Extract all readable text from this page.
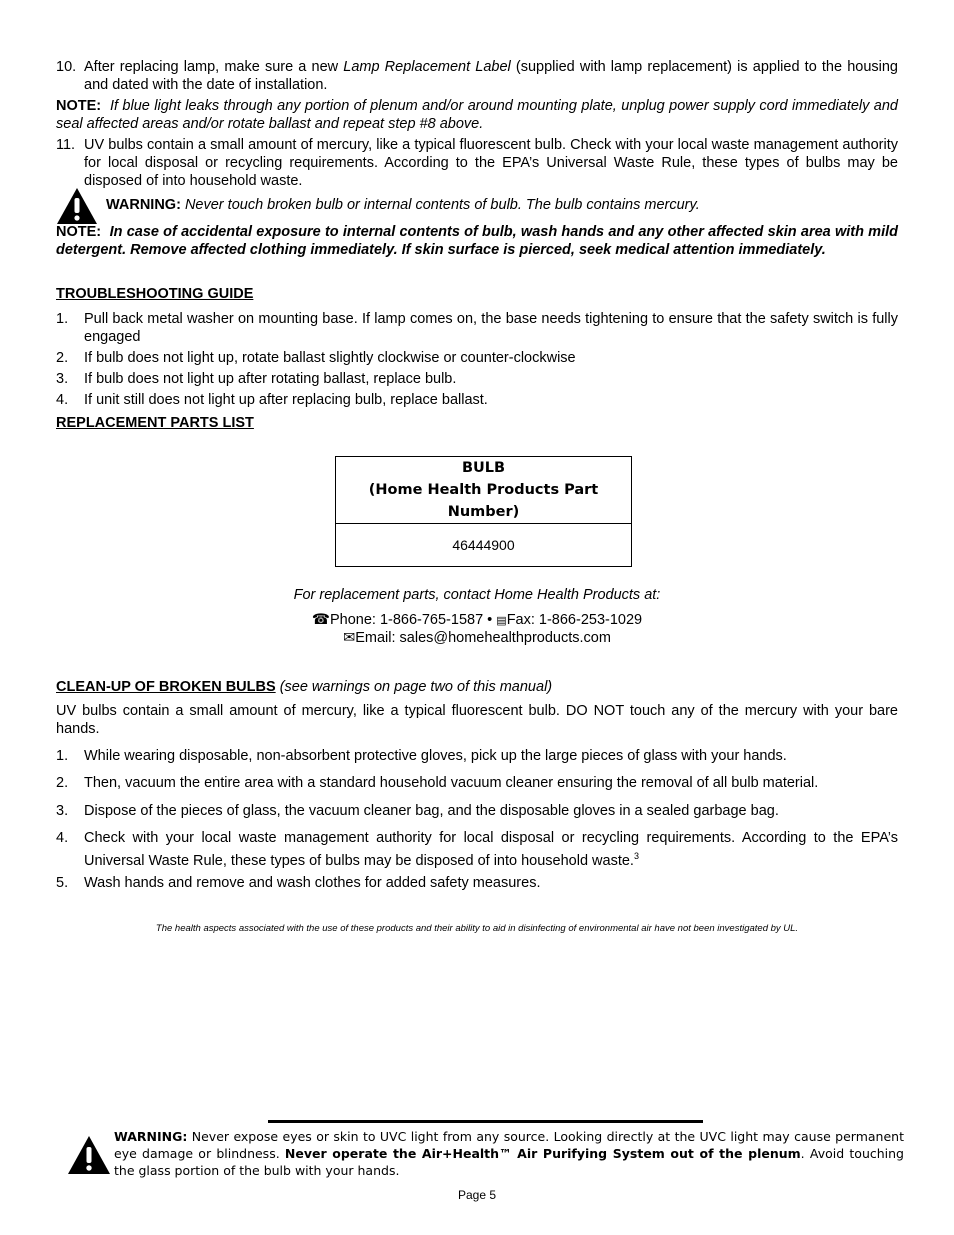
10. After replacing lamp, make sure a new Lamp Replacement Label (supplied with lamp replacement) is applied to the housing and dated with the date of installation.
NOTE: If blue light leaks through any portion of plenum and/or around mounting plate, unplug power supply cord immediately and seal affected areas and/or rotate ballast and repeat step #8 above.
11. UV bulbs contain a small amount of mercury, like a typical fluorescent bulb. Check with your local waste management authority for local disposal or recycling requirements. According to the EPA’s Universal Waste Rule, these types of bulbs may be disposed of into household waste.
WARNING: Never touch broken bulb or internal contents of bulb. The bulb contains mercury.
NOTE: In case of accidental exposure to internal contents of bulb, wash hands and any other affected skin area with mild detergent. Remove affected clothing immediately. If skin surface is pierced, seek medical attention immediately.
TROUBLESHOOTING GUIDE
1. Pull back metal washer on mounting base. If lamp comes on, the base needs tightening to ensure that the safety switch is fully engaged
2. If bulb does not light up, rotate ballast slightly clockwise or counter-clockwise
3. If bulb does not light up after rotating ballast, replace bulb.
4. If unit still does not light up after replacing bulb, replace ballast.
REPLACEMENT PARTS LIST
BULB
(Home Health Products Part Number)

46444900
For replacement parts, contact Home Health Products at:
☎Phone: 1-866-765-1587 • ▤Fax: 1-866-253-1029
✉Email: sales@homehealthproducts.com
CLEAN-UP OF BROKEN BULBS (see warnings on page two of this manual)
UV bulbs contain a small amount of mercury, like a typical fluorescent bulb. DO NOT touch any of the mercury with your bare hands.
1. While wearing disposable, non-absorbent protective gloves, pick up the large pieces of glass with your hands.
2. Then, vacuum the entire area with a standard household vacuum cleaner ensuring the removal of all bulb material.
3. Dispose of the pieces of glass, the vacuum cleaner bag, and the disposable gloves in a sealed garbage bag.
4. Check with your local waste management authority for local disposal or recycling requirements. According to the EPA’s Universal Waste Rule, these types of bulbs may be disposed of into household waste.$^3$
5. Wash hands and remove and wash clothes for added safety measures.
The health aspects associated with the use of these products and their ability to aid in disinfecting of environmental air have not been investigated by UL.
WARNING: Never expose eyes or skin to UVC light from any source. Looking directly at the UVC light may cause permanent eye damage or blindness. Never operate the Air+Health™ Air Purifying System out of the plenum. Avoid touching the glass portion of the bulb with your hands.
Page 5
